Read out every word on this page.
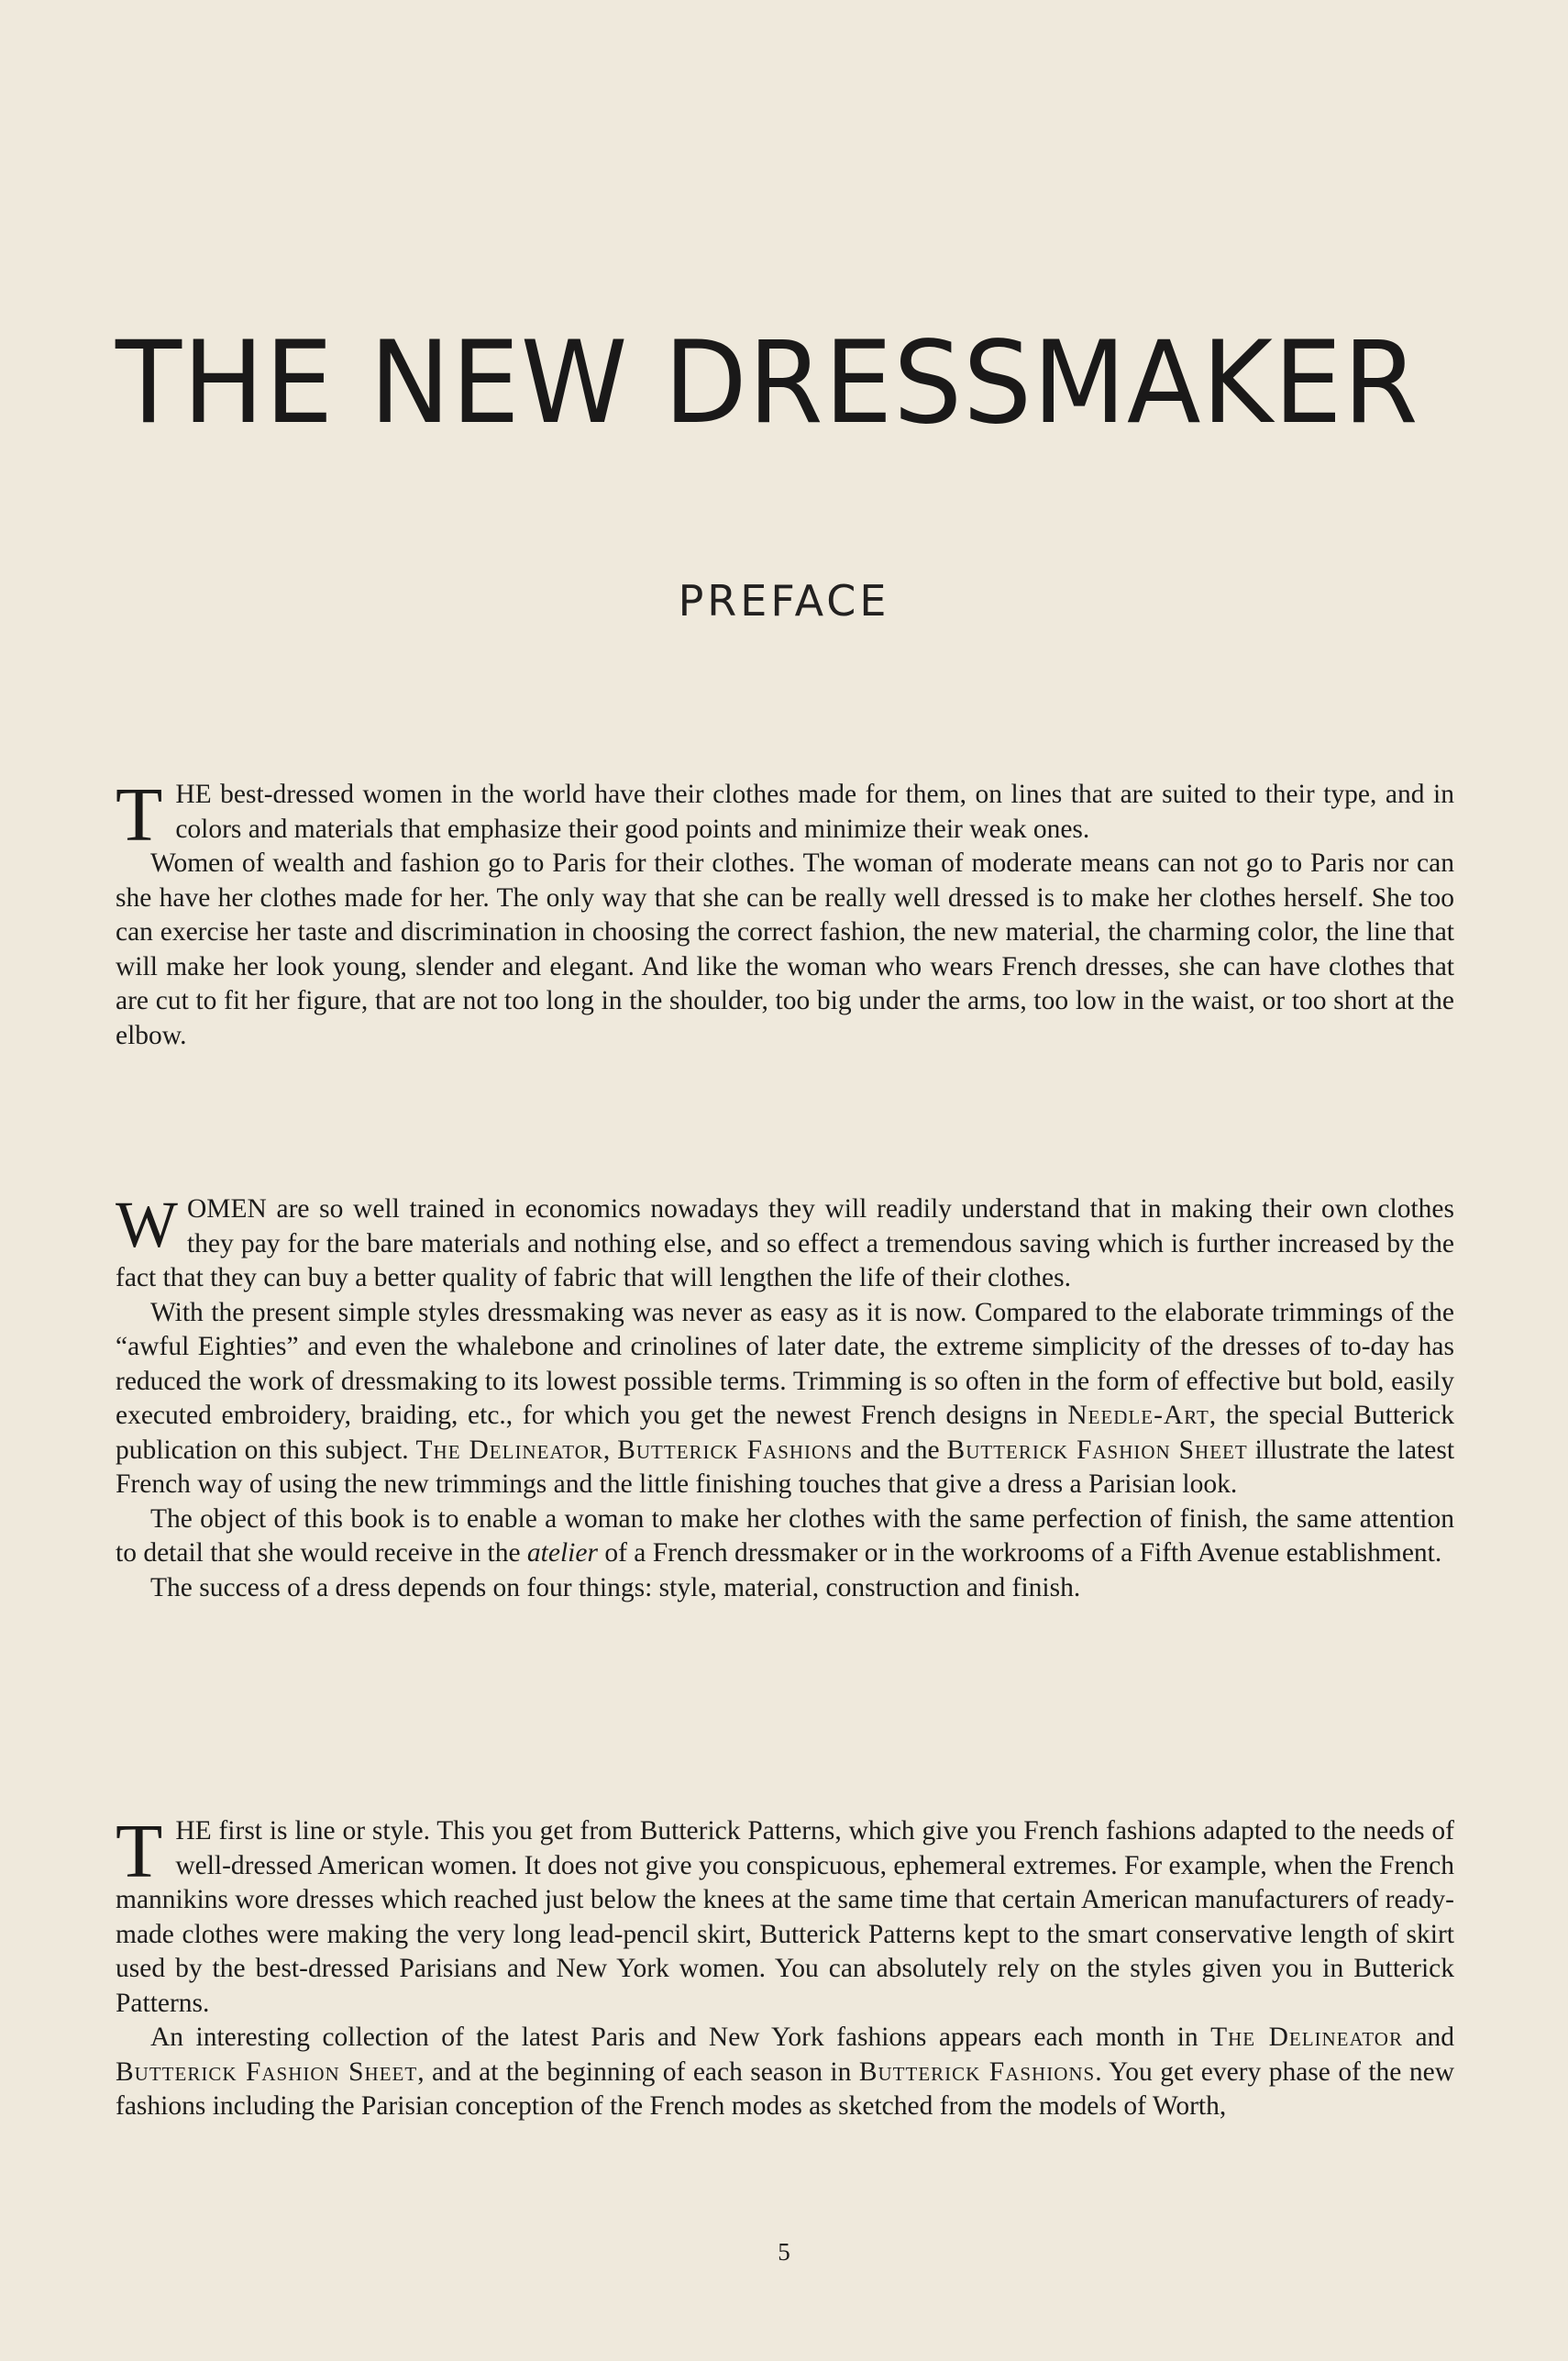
THE NEW DRESSMAKER
PREFACE

THE best-dressed women in the world have their clothes made for them, on lines that are suited to their type, and in colors and materials that emphasize their good points and minimize their weak ones.

Women of wealth and fashion go to Paris for their clothes. The woman of moderate means can not go to Paris nor can she have her clothes made for her. The only way that she can be really well dressed is to make her clothes herself. She too can exercise her taste and discrimination in choosing the correct fashion, the new material, the charming color, the line that will make her look young, slender and elegant. And like the woman who wears French dresses, she can have clothes that are cut to fit her figure, that are not too long in the shoulder, too big under the arms, too low in the waist, or too short at the elbow.

WOMEN are so well trained in economics nowadays they will readily understand that in making their own clothes they pay for the bare materials and nothing else, and so effect a tremendous saving which is further increased by the fact that they can buy a better quality of fabric that will lengthen the life of their clothes.

With the present simple styles dressmaking was never as easy as it is now. Compared to the elaborate trimmings of the “awful Eighties” and even the whalebone and crinolines of later date, the extreme simplicity of the dresses of to-day has reduced the work of dressmaking to its lowest possible terms. Trimming is so often in the form of effective but bold, easily executed embroidery, braiding, etc., for which you get the newest French designs in Needle-Art, the special Butterick publication on this subject. The Delineator, Butterick Fashions and the Butterick Fashion Sheet illustrate the latest French way of using the new trimmings and the little finishing touches that give a dress a Parisian look.

The object of this book is to enable a woman to make her clothes with the same perfection of finish, the same attention to detail that she would receive in the atelier of a French dressmaker or in the workrooms of a Fifth Avenue establishment.

The success of a dress depends on four things: style, material, construction and finish.

THE first is line or style. This you get from Butterick Patterns, which give you French fashions adapted to the needs of well-dressed American women. It does not give you conspicuous, ephemeral extremes. For example, when the French mannikins wore dresses which reached just below the knees at the same time that certain American manufacturers of ready-made clothes were making the very long lead-pencil skirt, Butterick Patterns kept to the smart conservative length of skirt used by the best-dressed Parisians and New York women. You can absolutely rely on the styles given you in Butterick Patterns.

An interesting collection of the latest Paris and New York fashions appears each month in The Delineator and Butterick Fashion Sheet, and at the beginning of each season in Butterick Fashions. You get every phase of the new fashions including the Parisian conception of the French modes as sketched from the models of Worth,

5
